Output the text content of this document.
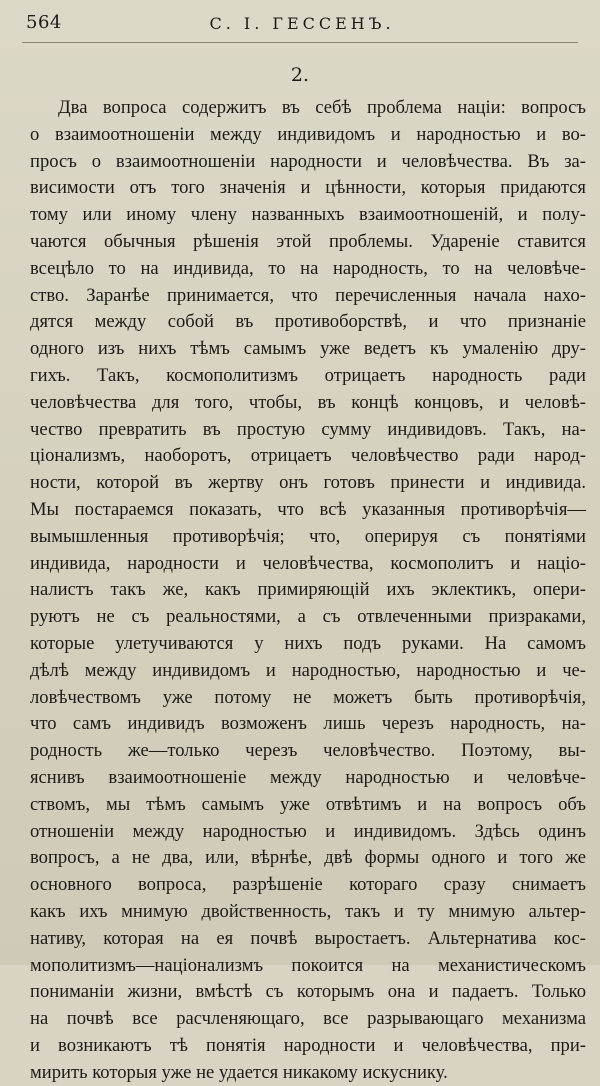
564	С. І. ГЕССЕНЪ.
2.
Два вопроса содержитъ въ себѣ проблема націи: вопросъ
о взаимоотношеніи между индивидомъ и народностью и во-
просъ о взаимоотношеніи народности и человѣчества. Въ за-
висимости отъ того значенія и цѣнности, которыя придаются
тому или иному члену названныхъ взаимоотношеній, и полу-
чаются обычныя рѣшенія этой проблемы. Удареніе ставится
всецѣло то на индивида, то на народность, то на человѣче-
ство. Заранѣе принимается, что перечисленныя начала нахо-
дятся между собой въ противоборствѣ, и что признаніе
одного изъ нихъ тѣмъ самымъ уже ведетъ къ умаленію дру-
гихъ. Такъ, космополитизмъ отрицаетъ народность ради
человѣчества для того, чтобы, въ концѣ концовъ, и человѣ-
чество превратить въ простую сумму индивидовъ. Такъ, на-
ціонализмъ, наоборотъ, отрицаетъ человѣчество ради народ-
ности, которой въ жертву онъ готовъ принести и индивида.
Мы постараемся показать, что всѣ указанныя противорѣчія—
вымышленныя противорѣчія; что, оперируя съ понятіями
индивида, народности и человѣчества, космополитъ и націо-
налистъ такъ же, какъ примиряющій ихъ эклектикъ, опери-
руютъ не съ реальностями, а съ отвлеченными призраками,
которые улетучиваются у нихъ подъ руками. На самомъ
дѣлѣ между индивидомъ и народностью, народностью и че-
ловѣчествомъ уже потому не можетъ быть противорѣчія,
что самъ индивидъ возможенъ лишь черезъ народность, на-
родность же—только черезъ человѣчество. Поэтому, вы-
яснивъ взаимоотношеніе между народностью и человѣче-
ствомъ, мы тѣмъ самымъ уже отвѣтимъ и на вопросъ объ
отношеніи между народностью и индивидомъ. Здѣсь одинъ
вопросъ, а не два, или, вѣрнѣе, двѣ формы одного и того же
основного вопроса, разрѣшеніе котораго сразу снимаетъ
какъ ихъ мнимую двойственность, такъ и ту мнимую альтер-
нативу, которая на ея почвѣ выростаетъ. Альтернатива кос-
мополитизмъ—націонализмъ покоится на механистическомъ
пониманіи жизни, вмѣстѣ съ которымъ она и падаетъ. Только
на почвѣ все расчленяющаго, все разрывающаго механизма
и возникаютъ тѣ понятія народности и человѣчества, при-
мирить которыя уже не удается никакому искуснику.
